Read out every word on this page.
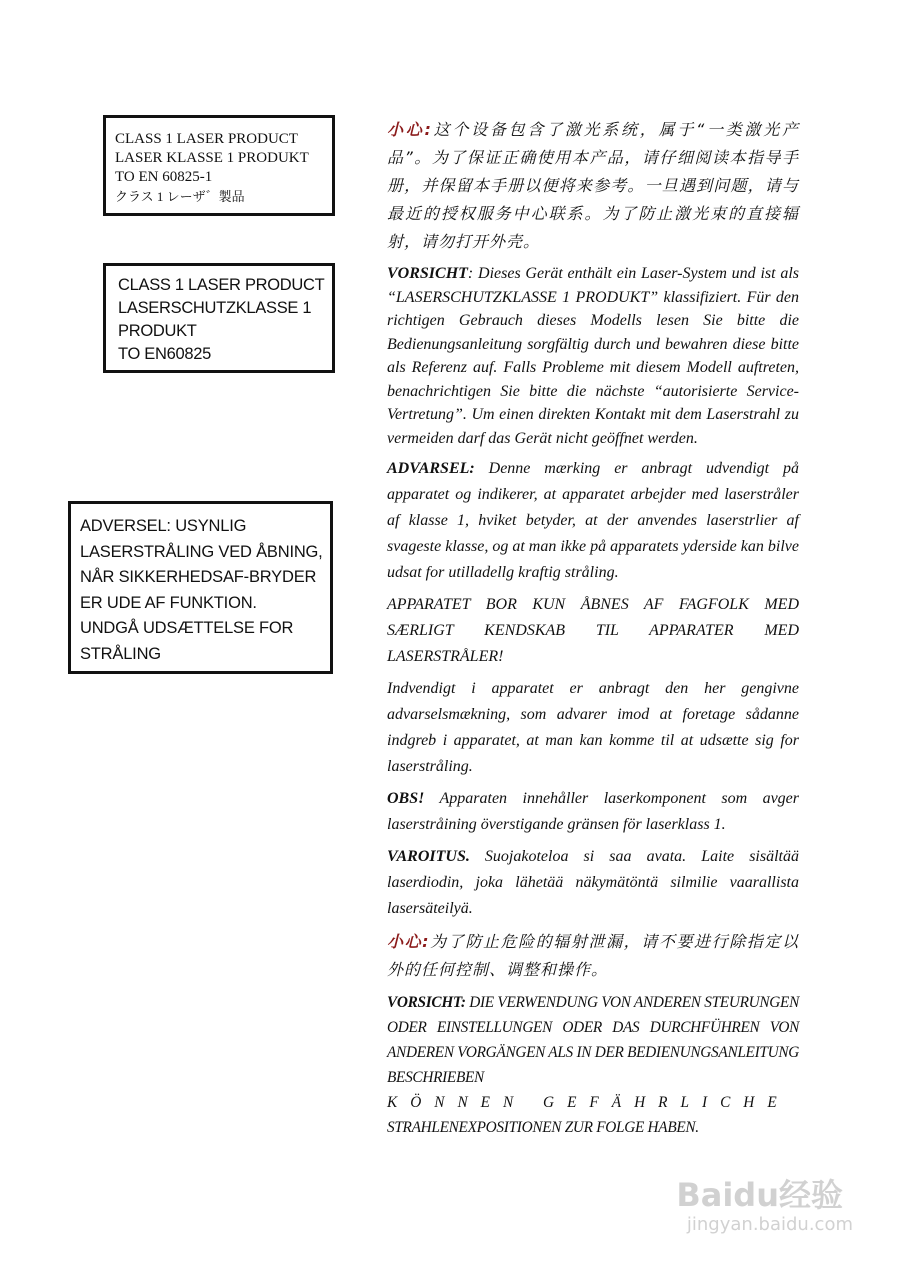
CLASS 1 LASER PRODUCT
LASER KLASSE 1 PRODUKT
TO EN 60825-1
クラス 1 レーザ゛製品
CLASS 1 LASER PRODUCT
LASERSCHUTZKLASSE 1
PRODUKT
TO EN60825
ADVERSEL: USYNLIG
LASERSTRÅLING VED ÅBNING,
NÅR SIKKERHEDSAF-BRYDER
ER UDE AF FUNKTION.
UNDGÅ UDSÆTTELSE FOR
STRÅLING

小心:这个设备包含了激光系统，属于“一类激光产品”。为了保证正确使用本产品，请仔细阅读本指导手册，并保留本手册以便将来参考。一旦遇到问题，请与最近的授权服务中心联系。为了防止激光束的直接辐射，请勿打开外壳。

VORSICHT: Dieses Gerät enthält ein Laser-System und ist als “LASERSCHUTZKLASSE 1 PRODUKT” klassifiziert. Für den richtigen Gebrauch dieses Modells lesen Sie bitte die Bedienungsanleitung sorgfältig durch und bewahren diese bitte als Referenz auf. Falls Probleme mit diesem Modell auftreten, benachrichtigen Sie bitte die nächste “autorisierte Service-Vertretung”. Um einen direkten Kontakt mit dem Laserstrahl zu vermeiden darf das Gerät nicht geöffnet werden.

ADVARSEL: Denne mærking er anbragt udvendigt på apparatet og indikerer, at apparatet arbejder med laserstråler af klasse 1, hviket betyder, at der anvendes laserstrlier af svageste klasse, og at man ikke på apparatets yderside kan bilve udsat for utilladellg kraftig stråling.

APPARATET BOR KUN ÅBNES AF FAGFOLK MED SÆRLIGT KENDSKAB TIL APPARATER MED LASERSTRÅLER!

Indvendigt i apparatet er anbragt den her gengivne advarselsmækning, som advarer imod at foretage sådanne indgreb i apparatet, at man kan komme til at udsætte sig for laserstråling.

OBS! Apparaten innehåller laserkomponent som avger laserstråining överstigande gränsen för laserklass 1.

VAROITUS. Suojakoteloa si saa avata. Laite sisältää laserdiodin, joka lähetää näkymätöntä silmilie vaarallista lasersäteilyä.

小心:为了防止危险的辐射泄漏，请不要进行除指定以外的任何控制、调整和操作。

VORSICHT: DIE VERWENDUNG VON ANDEREN STEURUNGEN ODER EINSTELLUNGEN ODER DAS DURCHFÜHREN VON ANDEREN VORGÄNGEN ALS IN DER BEDIENUNGSANLEITUNG BESCHRIEBEN
KÖNNEN GEFÄHRLICHE
STRAHLENEXPOSITIONEN ZUR FOLGE HABEN.

Baidu经验
jingyan.baidu.com
